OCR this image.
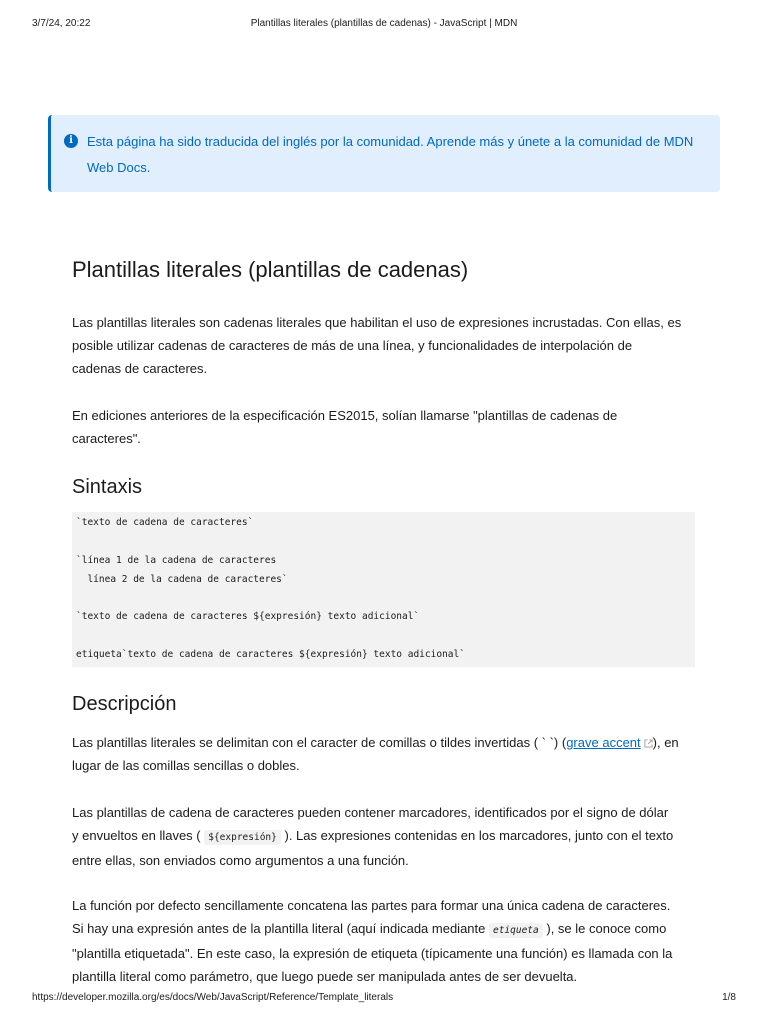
3/7/24, 20:22	Plantillas literales (plantillas de cadenas) - JavaScript | MDN
i	Esta página ha sido traducida del inglés por la comunidad. Aprende más y únete a la comunidad de MDN
Web Docs.
Plantillas literales (plantillas de cadenas)

Las plantillas literales son cadenas literales que habilitan el uso de expresiones incrustadas. Con ellas, es
posible utilizar cadenas de caracteres de más de una línea, y funcionalidades de interpolación de
cadenas de caracteres.

En ediciones anteriores de la especificación ES2015, solían llamarse "plantillas de cadenas de
caracteres".

Sintaxis
Descripción

Las plantillas literales se delimitan con el caracter de comillas o tildes invertidas ( ` `) (grave accent ), en
lugar de las comillas sencillas o dobles.

Las plantillas de cadena de caracteres pueden contener marcadores, identificados por el signo de dólar
y envueltos en llaves ( ${expresión} ). Las expresiones contenidas en los marcadores, junto con el texto
entre ellas, son enviados como argumentos a una función.

La función por defecto sencillamente concatena las partes para formar una única cadena de caracteres.
Si hay una expresión antes de la plantilla literal (aquí indicada mediante etiqueta ), se le conoce como
"plantilla etiquetada". En este caso, la expresión de etiqueta (típicamente una función) es llamada con la
plantilla literal como parámetro, que luego puede ser manipulada antes de ser devuelta.

`texto de cadena de caracteres`
`línea 1 de la cadena de caracteres
línea 2 de la cadena de caracteres`
`texto de cadena de caracteres ${expresión} texto adicional`
etiqueta`texto de cadena de caracteres ${expresión} texto adicional`
https://developer.mozilla.org/es/docs/Web/JavaScript/Reference/Template_literals	1/8
